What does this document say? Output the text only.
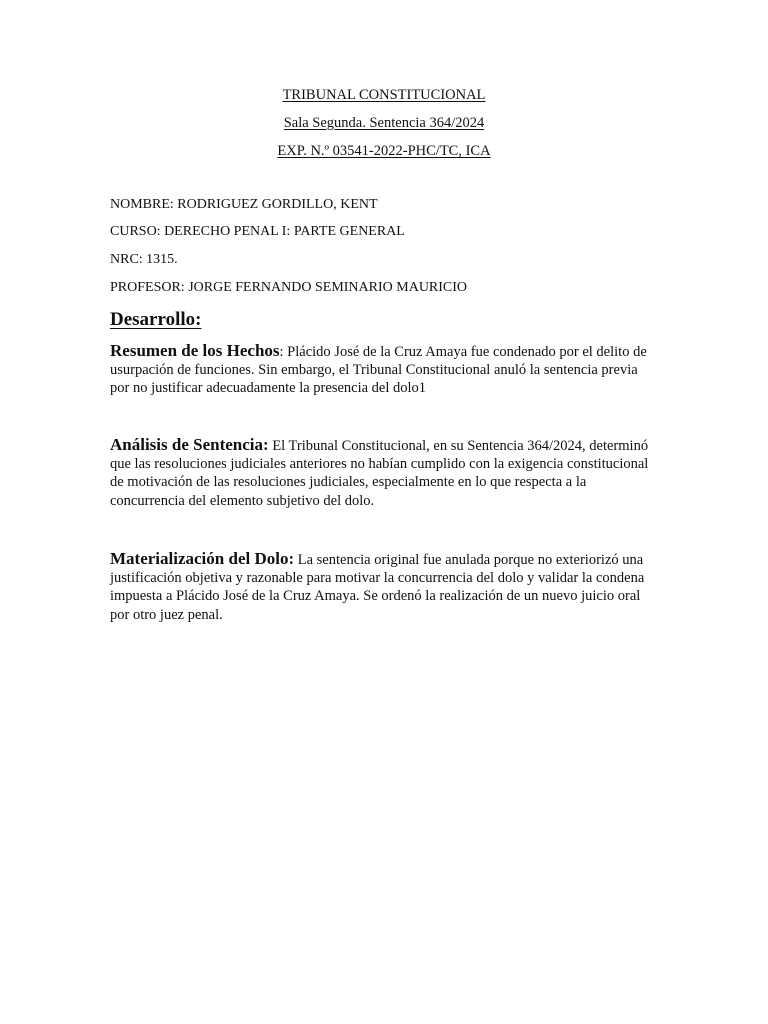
TRIBUNAL CONSTITUCIONAL
Sala Segunda. Sentencia 364/2024
EXP. N.º 03541-2022-PHC/TC, ICA
NOMBRE: RODRIGUEZ GORDILLO, KENT
CURSO: DERECHO PENAL I: PARTE GENERAL
NRC: 1315.
PROFESOR: JORGE FERNANDO SEMINARIO MAURICIO
Desarrollo:
Resumen de los Hechos: Plácido José de la Cruz Amaya fue condenado por el delito de usurpación de funciones. Sin embargo, el Tribunal Constitucional anuló la sentencia previa por no justificar adecuadamente la presencia del dolo1
Análisis de Sentencia: El Tribunal Constitucional, en su Sentencia 364/2024, determinó que las resoluciones judiciales anteriores no habían cumplido con la exigencia constitucional de motivación de las resoluciones judiciales, especialmente en lo que respecta a la concurrencia del elemento subjetivo del dolo.
Materialización del Dolo: La sentencia original fue anulada porque no exteriorizó una justificación objetiva y razonable para motivar la concurrencia del dolo y validar la condena impuesta a Plácido José de la Cruz Amaya. Se ordenó la realización de un nuevo juicio oral por otro juez penal.
